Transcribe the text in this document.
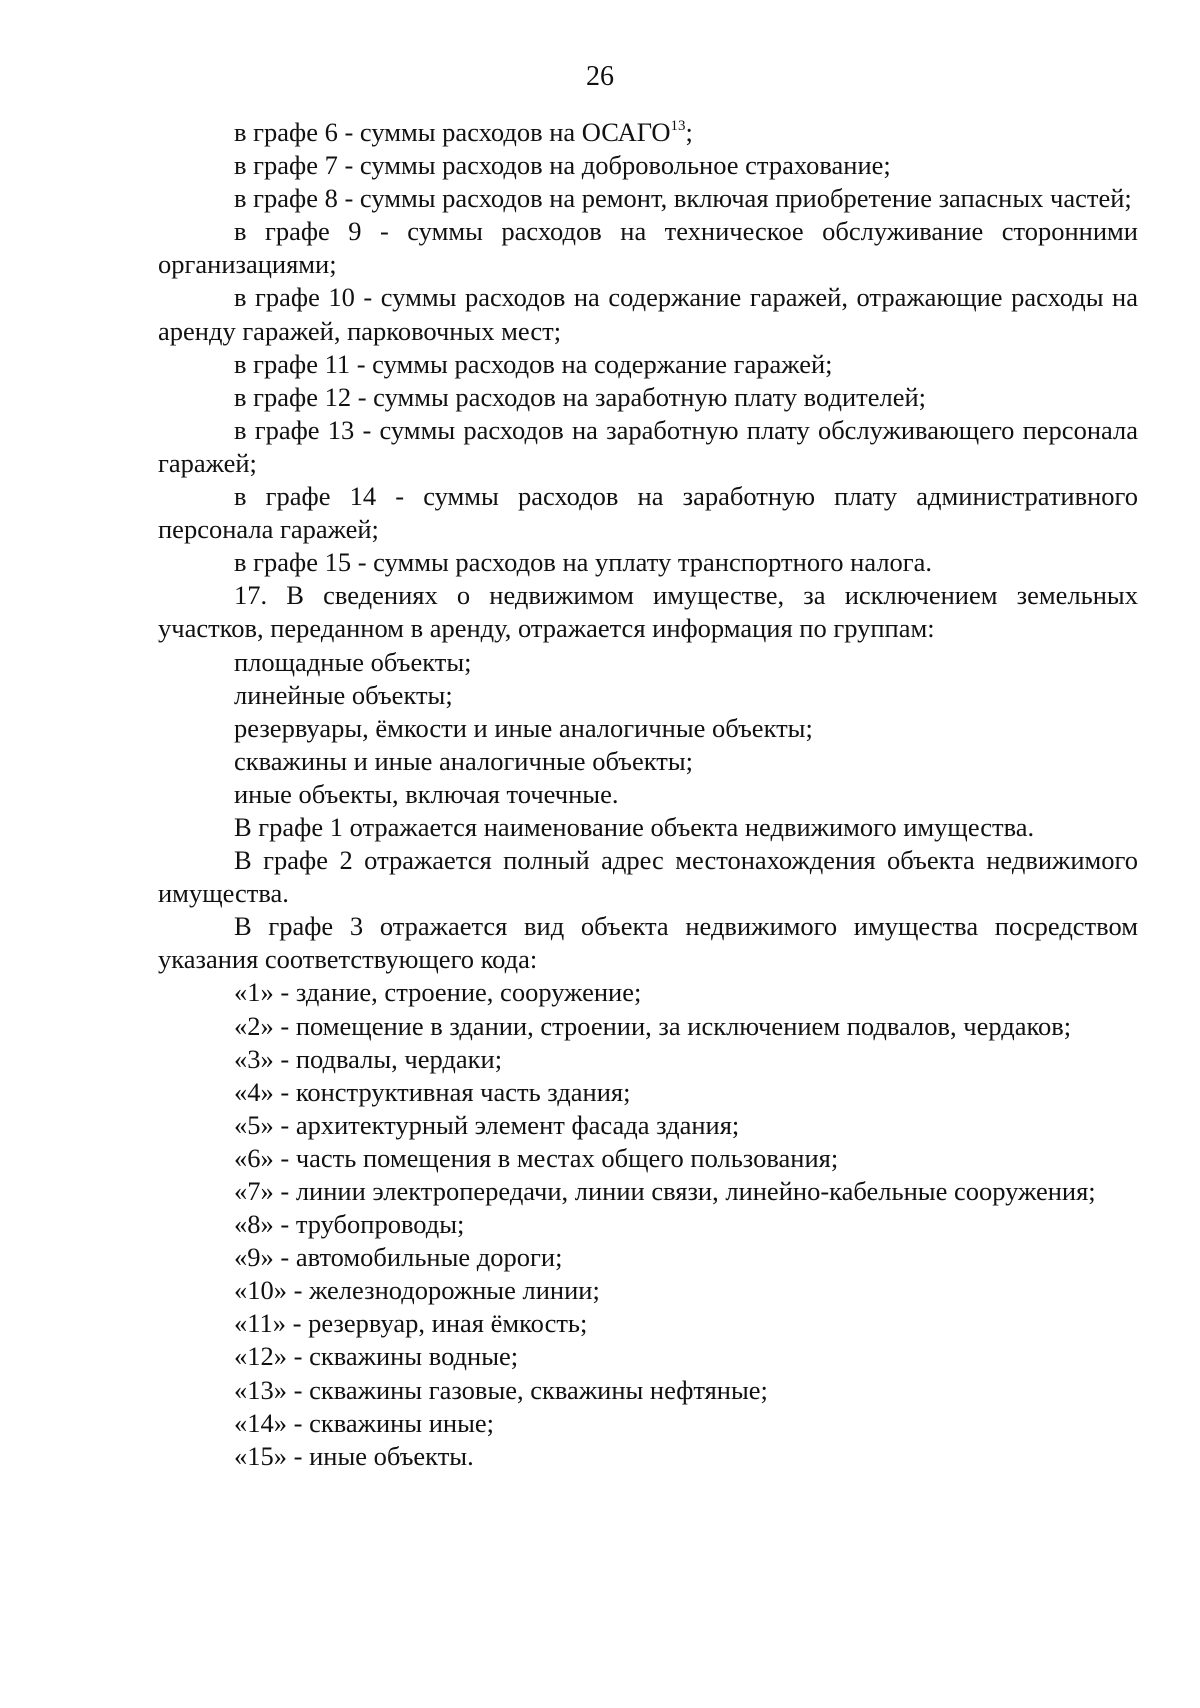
26

в графе 6 - суммы расходов на ОСАГО$^{13}$;

в графе 7 - суммы расходов на добровольное страхование;

в графе 8 - суммы расходов на ремонт, включая приобретение запасных частей;

в графе 9 - суммы расходов на техническое обслуживание сторонними организациями;

в графе 10 - суммы расходов на содержание гаражей, отражающие расходы на аренду гаражей, парковочных мест;

в графе 11 - суммы расходов на содержание гаражей;

в графе 12 - суммы расходов на заработную плату водителей;

в графе 13 - суммы расходов на заработную плату обслуживающего персонала гаражей;

в графе 14 - суммы расходов на заработную плату административного персонала гаражей;

в графе 15 - суммы расходов на уплату транспортного налога.

17. В сведениях о недвижимом имуществе, за исключением земельных участков, переданном в аренду, отражается информация по группам:

площадные объекты;

линейные объекты;

резервуары, ёмкости и иные аналогичные объекты;

скважины и иные аналогичные объекты;

иные объекты, включая точечные.

В графе 1 отражается наименование объекта недвижимого имущества.

В графе 2 отражается полный адрес местонахождения объекта недвижимого имущества.

В графе 3 отражается вид объекта недвижимого имущества посредством указания соответствующего кода:

«1» - здание, строение, сооружение;

«2» - помещение в здании, строении, за исключением подвалов, чердаков;

«3» - подвалы, чердаки;

«4» - конструктивная часть здания;

«5» - архитектурный элемент фасада здания;

«6» - часть помещения в местах общего пользования;

«7» - линии электропередачи, линии связи, линейно-кабельные сооружения;

«8» - трубопроводы;

«9» - автомобильные дороги;

«10» - железнодорожные линии;

«11» - резервуар, иная ёмкость;

«12» - скважины водные;

«13» - скважины газовые, скважины нефтяные;

«14» - скважины иные;

«15» - иные объекты.
